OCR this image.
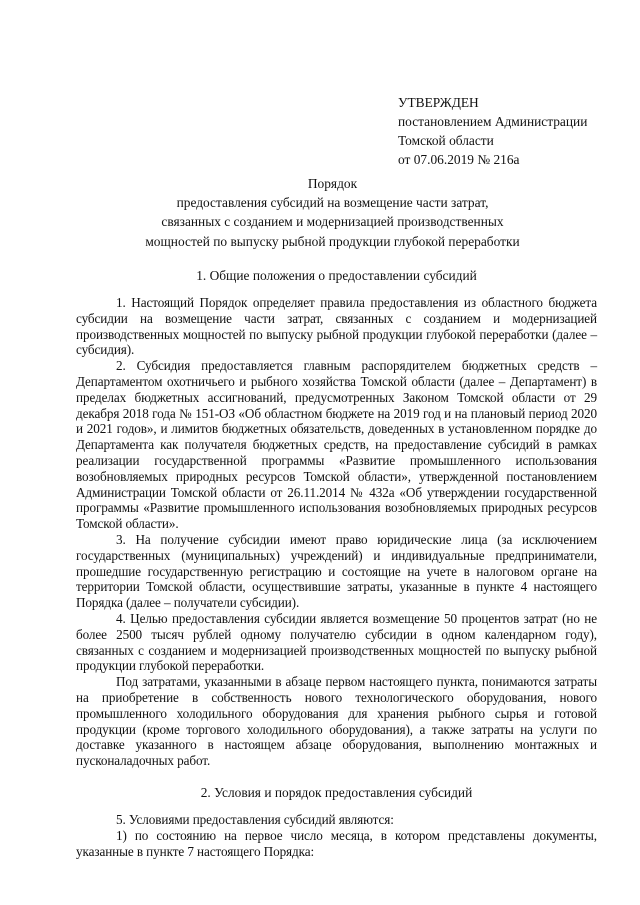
УТВЕРЖДЕН
постановлением Администрации
Томской области
от 07.06.2019 № 216а
Порядок
предоставления субсидий на возмещение части затрат,
связанных с созданием и модернизацией производственных
мощностей по выпуску рыбной продукции глубокой переработки
1. Общие положения о предоставлении субсидий

1. Настоящий Порядок определяет правила предоставления из областного бюджета субсидии на возмещение части затрат, связанных с созданием и модернизацией производственных мощностей по выпуску рыбной продукции глубокой переработки (далее – субсидия).

2. Субсидия предоставляется главным распорядителем бюджетных средств – Департаментом охотничьего и рыбного хозяйства Томской области (далее – Департамент) в пределах бюджетных ассигнований, предусмотренных Законом Томской области от 29 декабря 2018 года № 151-ОЗ «Об областном бюджете на 2019 год и на плановый период 2020 и 2021 годов», и лимитов бюджетных обязательств, доведенных в установленном порядке до Департамента как получателя бюджетных средств, на предоставление субсидий в рамках реализации государственной программы «Развитие промышленного использования возобновляемых природных ресурсов Томской области», утвержденной постановлением Администрации Томской области от 26.11.2014 № 432а «Об утверждении государственной программы «Развитие промышленного использования возобновляемых природных ресурсов Томской области».

3. На получение субсидии имеют право юридические лица (за исключением государственных (муниципальных) учреждений) и индивидуальные предприниматели, прошедшие государственную регистрацию и состоящие на учете в налоговом органе на территории Томской области, осуществившие затраты, указанные в пункте 4 настоящего Порядка (далее – получатели субсидии).

4. Целью предоставления субсидии является возмещение 50 процентов затрат (но не более 2500 тысяч рублей одному получателю субсидии в одном календарном году), связанных с созданием и модернизацией производственных мощностей по выпуску рыбной продукции глубокой переработки.

Под затратами, указанными в абзаце первом настоящего пункта, понимаются затраты на приобретение в собственность нового технологического оборудования, нового промышленного холодильного оборудования для хранения рыбного сырья и готовой продукции (кроме торгового холодильного оборудования), а также затраты на услуги по доставке указанного в настоящем абзаце оборудования, выполнению монтажных и пусконаладочных работ.

2. Условия и порядок предоставления субсидий

5. Условиями предоставления субсидий являются:

1) по состоянию на первое число месяца, в котором представлены документы, указанные в пункте 7 настоящего Порядка:
